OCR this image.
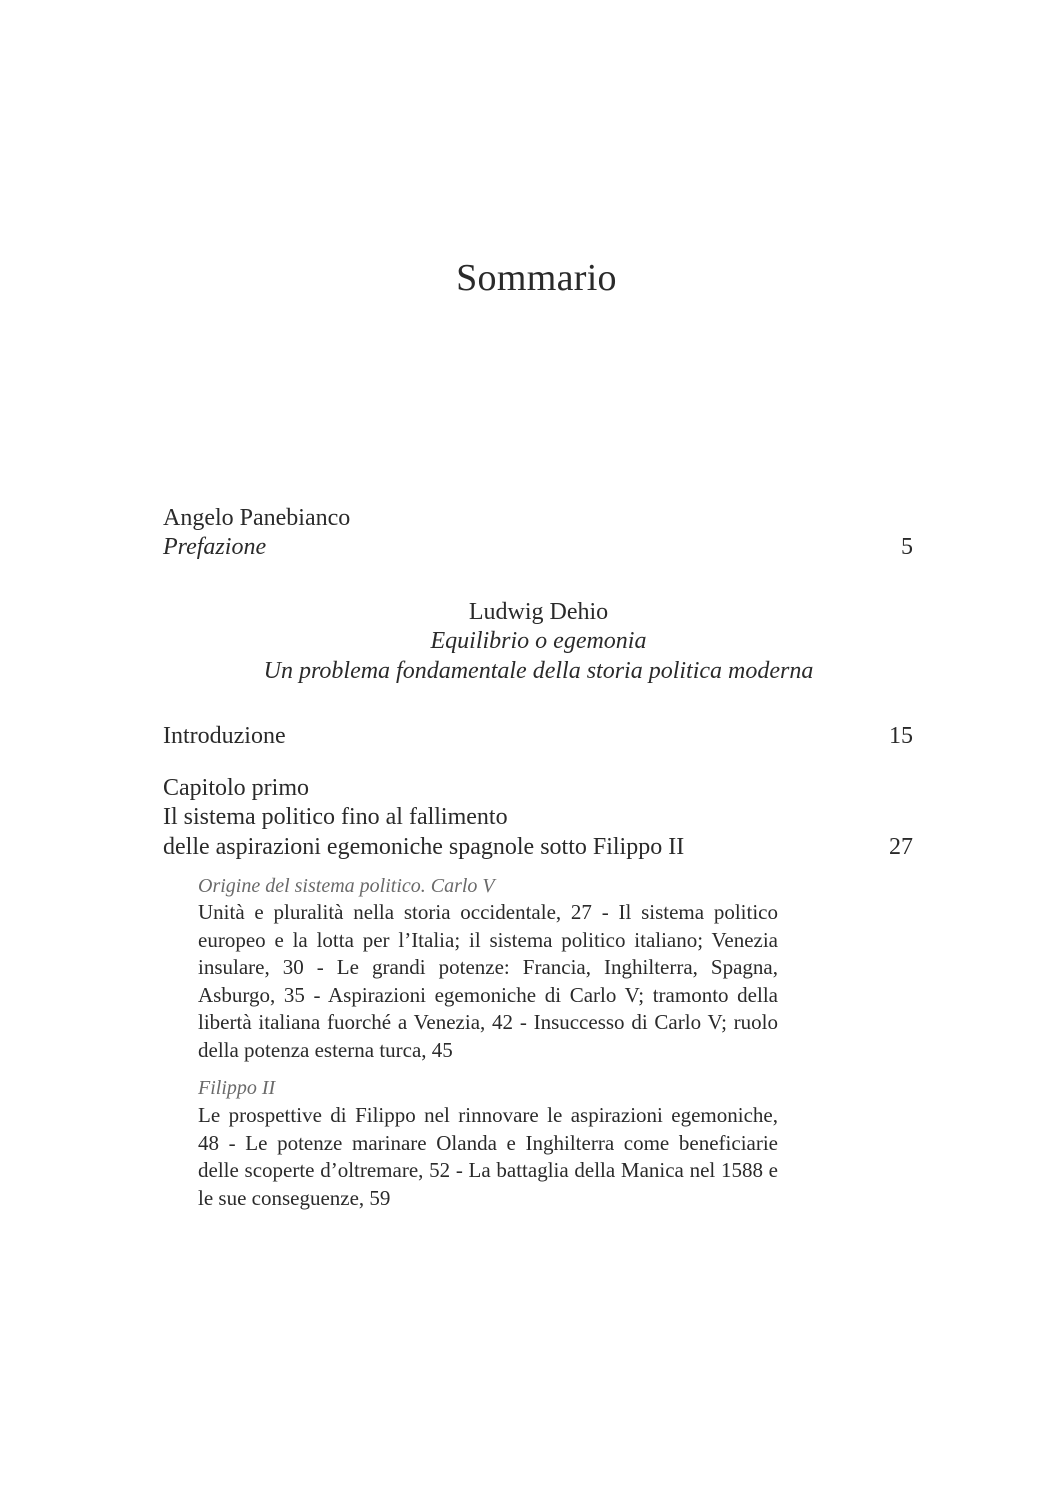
Sommario
Angelo Panebianco
Prefazione	5
Ludwig Dehio
Equilibrio o egemonia
Un problema fondamentale della storia politica moderna
Introduzione	15
Capitolo primo
Il sistema politico fino al fallimento
delle aspirazioni egemoniche spagnole sotto Filippo II	27
Origine del sistema politico. Carlo V
Unità e pluralità nella storia occidentale, 27 - Il sistema politico europeo e la lotta per l’Italia; il sistema politico italiano; Venezia insulare, 30 - Le grandi potenze: Francia, Inghilterra, Spagna, Asburgo, 35 - Aspirazioni egemoniche di Carlo V; tramonto della libertà italiana fuorché a Venezia, 42 - Insuccesso di Carlo V; ruolo della potenza esterna turca, 45
Filippo II
Le prospettive di Filippo nel rinnovare le aspirazioni egemoniche, 48 - Le potenze marinare Olanda e Inghilterra come beneficiarie delle scoperte d’oltremare, 52 - La battaglia della Manica nel 1588 e le sue conseguenze, 59
